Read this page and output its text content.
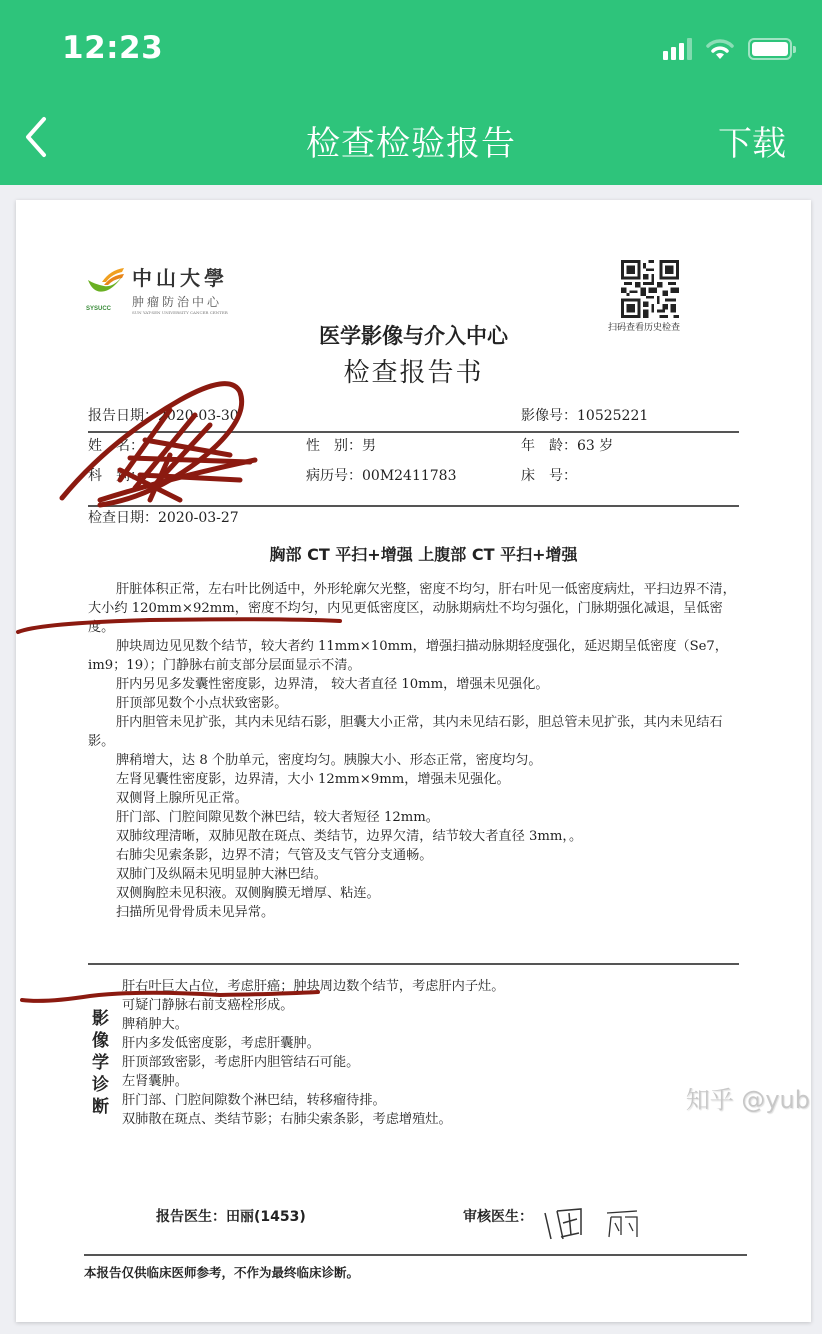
12:23
检查检验报告	下载
SYSUCC
中山大學
肿瘤防治中心
SUN YAT-SEN UNIVERSITY CANCER CENTER
扫码查看历史检查
医学影像与介入中心
检查报告书
报告日期：2020-03-30	影像号：10525221
姓　名：	性　别：男	年　龄：63 岁
科　别：	病历号：00M2411783	床　号：
检查日期：2020-03-27
胸部 CT 平扫+增强 上腹部 CT 平扫+增强

肝脏体积正常，左右叶比例适中，外形轮廓欠光整，密度不均匀，肝右叶见一低密度病灶，平扫边界不清，大小约 120mm×92mm，密度不均匀，内见更低密度区，动脉期病灶不均匀强化，门脉期强化减退，呈低密度。

肿块周边见见数个结节，较大者约 11mm×10mm，增强扫描动脉期轻度强化，延迟期呈低密度（Se7，im9；19）；门静脉右前支部分层面显示不清。

肝内另见多发囊性密度影，边界清， 较大者直径 10mm，增强未见强化。

肝顶部见数个小点状致密影。

肝内胆管未见扩张，其内未见结石影，胆囊大小正常，其内未见结石影，胆总管未见扩张，其内未见结石影。

脾稍增大，达 8 个肋单元，密度均匀。胰腺大小、形态正常，密度均匀。

左肾见囊性密度影，边界清，大小 12mm×9mm，增强未见强化。

双侧肾上腺所见正常。

肝门部、门腔间隙见数个淋巴结，较大者短径 12mm。

双肺纹理清晰，双肺见散在斑点、类结节，边界欠清，结节较大者直径 3mm，。

右肺尖见索条影，边界不清；气管及支气管分支通畅。

双肺门及纵隔未见明显肿大淋巴结。

双侧胸腔未见积液。双侧胸膜无增厚、粘连。

扫描所见骨骨质未见异常。

影像学诊断
肝右叶巨大占位，考虑肝癌；肿块周边数个结节，考虑肝内子灶。
可疑门静脉右前支癌栓形成。
脾稍肿大。
肝内多发低密度影，考虑肝囊肿。
肝顶部致密影，考虑肝内胆管结石可能。
左肾囊肿。
肝门部、门腔间隙数个淋巴结，转移瘤待排。
双肺散在斑点、类结节影；右肺尖索条影，考虑增殖灶。
报告医生：田丽(1453)	审核医生：
本报告仅供临床医师参考，不作为最终临床诊断。
知乎 @yub
